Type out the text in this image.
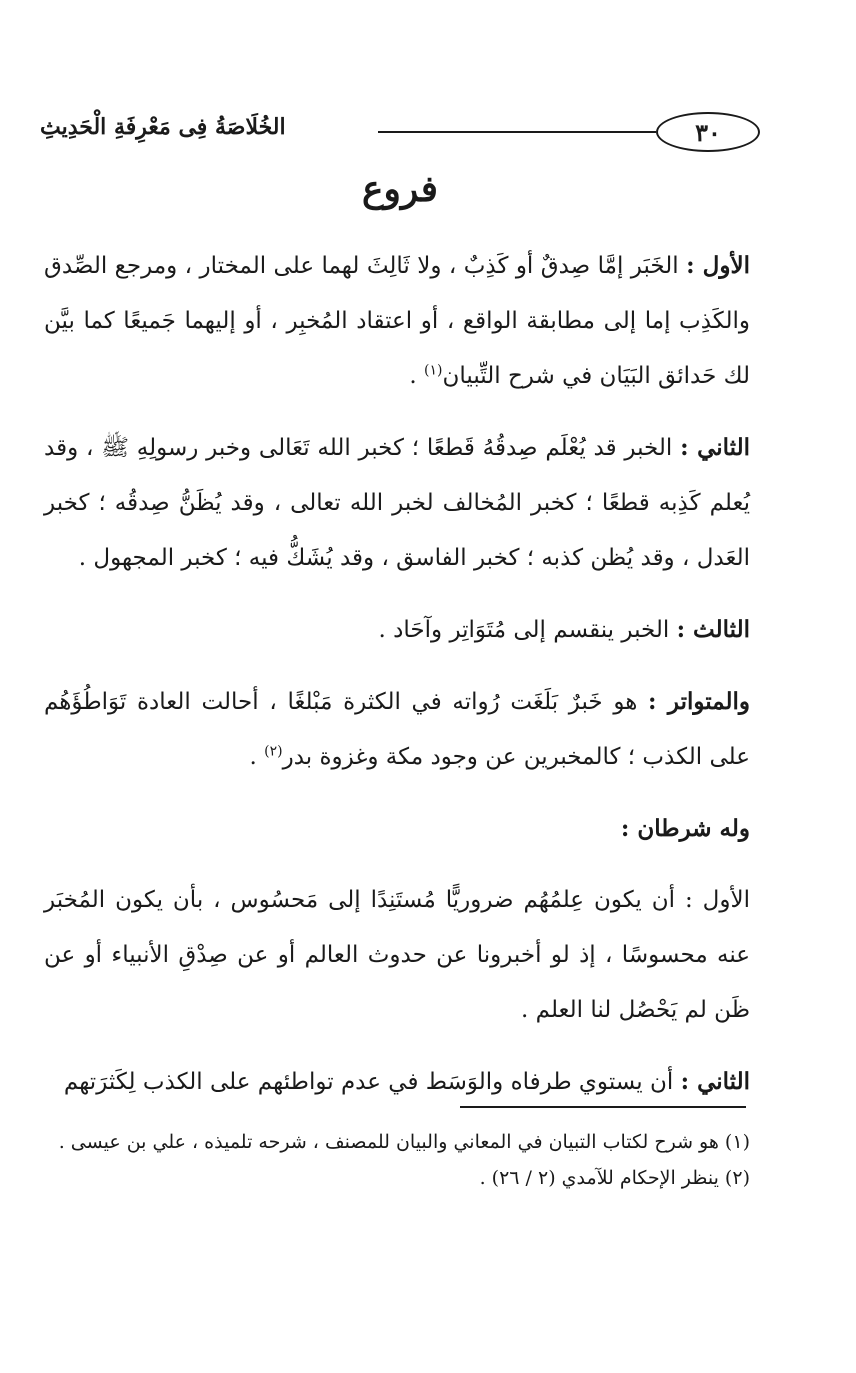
٣٠
الخُلَاصَةُ فِى مَعْرِفَةِ الْحَدِيثِ
فروع

الأول : الخَبَر إمَّا صِدقٌ أو كَذِبٌ ، ولا ثَالِثَ لهما على المختار ، ومرجع الصِّدق والكَذِب إما إلى مطابقة الواقع ، أو اعتقاد المُخبِر ، أو إليهما جَميعًا كما بيَّن لك حَدائق البَيَان في شرح التِّبيان$^{(١)}$ .

الثاني : الخبر قد يُعْلَم صِدقُهُ قَطعًا ؛ كخبر الله تَعَالى وخبر رسولِهِ ﷺ ، وقد يُعلم كَذِبه قطعًا ؛ كخبر المُخالف لخبر الله تعالى ، وقد يُظَنُّ صِدقُه ؛ كخبر العَدل ، وقد يُظن كذبه ؛ كخبر الفاسق ، وقد يُشَكُّ فيه ؛ كخبر المجهول .

الثالث : الخبر ينقسم إلى مُتَوَاتِر وآحَاد .

والمتواتر : هو خَبرٌ بَلَغَت رُواته في الكثرة مَبْلغًا ، أحالت العادة تَوَاطُؤَهُم على الكذب ؛ كالمخبرين عن وجود مكة وغزوة بدر$^{(٢)}$ .

وله شرطان :

الأول : أن يكون عِلمُهُم ضروريًّا مُستَنِدًا إلى مَحسُوس ، بأن يكون المُخبَر عنه محسوسًا ، إذ لو أخبرونا عن حدوث العالم أو عن صِدْقِ الأنبياء أو عن ظَن لم يَحْصُل لنا العلم .

الثاني : أن يستوي طرفاه والوَسَط في عدم تواطئهم على الكذب لِكَثرَتهم

(١) هو شرح لكتاب التبيان في المعاني والبيان للمصنف ، شرحه تلميذه ، علي بن عيسى .

(٢) ينظر الإحكام للآمدي (٢ / ٢٦) .
